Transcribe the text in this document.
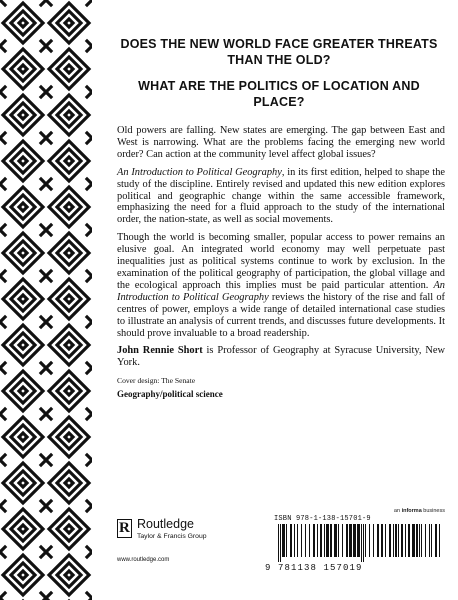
DOES THE NEW WORLD FACE GREATER THREATS THAN THE OLD?
WHAT ARE THE POLITICS OF LOCATION AND PLACE?

Old powers are falling. New states are emerging. The gap between East and West is narrowing. What are the problems facing the emerging new world order? Can action at the community level affect global issues?

An Introduction to Political Geography, in its first edition, helped to shape the study of the discipline. Entirely revised and updated this new edition explores political and geographic change within the same accessible framework, emphasizing the need for a fluid approach to the study of the international order, the nation-state, as well as social movements.

Though the world is becoming smaller, popular access to power remains an elusive goal. An integrated world economy may well perpetuate past inequalities just as political systems continue to work by exclusion. In the examination of the political geography of participation, the global village and the ecological approach this implies must be paid particular attention. An Introduction to Political Geography reviews the history of the rise and fall of centres of power, employs a wide range of detailed international case studies to illustrate an analysis of current trends, and discusses future developments. It should prove invaluable to a broad readership.

John Rennie Short is Professor of Geography at Syracuse University, New York.

Cover design: The Senate
Geography/political science
an informa business
R Routledge
Taylor & Francis Group
www.routledge.com
ISBN 978-1-138-15701-9
9 781138 157019
